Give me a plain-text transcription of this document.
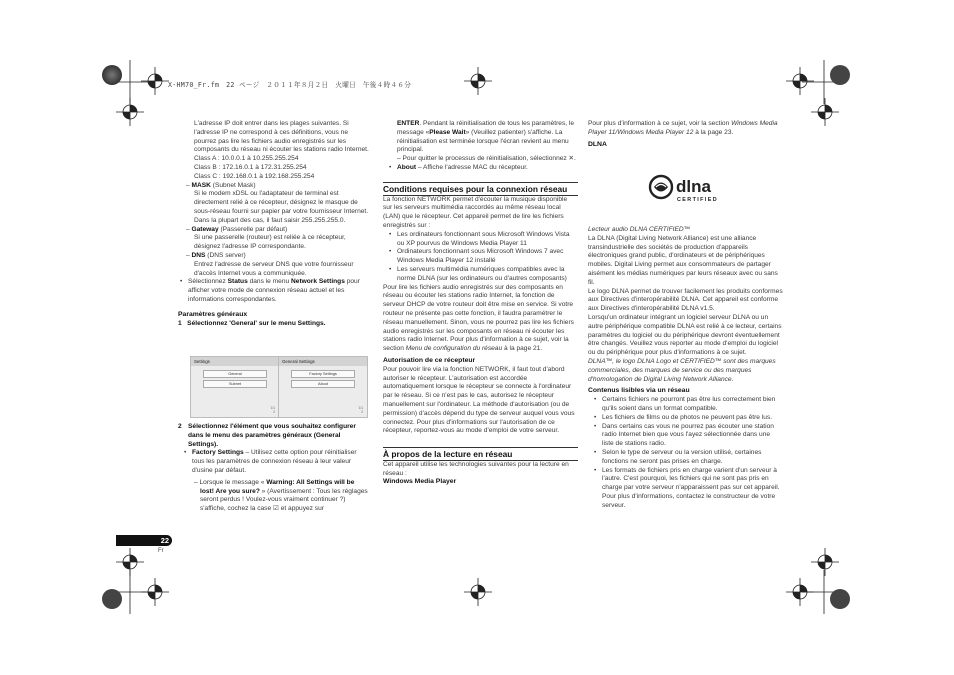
X-HM70_Fr.fm　22 ページ　２０１１年８月２日　火曜日　午後４時４６分

L'adresse IP doit entrer dans les plages suivantes. Si l'adresse IP ne correspond à ces définitions, vous ne pourrez pas lire les fichiers audio enregistrés sur les composants du réseau ni écouter les stations radio Internet.

Class A : 10.0.0.1 à 10.255.255.254

Class B : 172.16.0.1 à 172.31.255.254

Class C : 192.168.0.1 à 192.168.255.254

– MASK (Subnet Mask)

Si le modem xDSL ou l'adaptateur de terminal est directement relié à ce récepteur, désignez le masque de sous-réseau fourni sur papier par votre fournisseur Internet. Dans la plupart des cas, il faut saisir 255.255.255.0.

– Gateway (Passerelle par défaut)

Si une passerelle (routeur) est reliée à ce récepteur, désignez l'adresse IP correspondante.

– DNS (DNS server)

Entrez l'adresse de serveur DNS que votre fournisseur d'accès Internet vous a communiquée.

• Sélectionnez Status dans le menu Network Settings pour afficher votre mode de connexion réseau actuel et les informations correspondantes.

Paramètres généraux

1 Sélectionnez 'General' sur le menu Settings.

Settings
General
Subnet
1/1
2
General Settings
Factory Settings
About
1/1
2

2 Sélectionnez l'élément que vous souhaitez configurer dans le menu des paramètres généraux (General Settings).

• Factory Settings – Utilisez cette option pour réinitialiser tous les paramètres de connexion réseau à leur valeur d'usine par défaut.

– Lorsque le message « Warning: All Settings will be lost! Are you sure? » (Avertissement : Tous les réglages seront perdus ! Voulez-vous vraiment continuer ?) s'affiche, cochez la case ☑ et appuyez sur

ENTER. Pendant la réinitialisation de tous les paramètres, le message «Please Wait» (Veuillez patienter) s'affiche. La réinitialisation est terminée lorsque l'écran revient au menu principal.

– Pour quitter le processus de réinitialisation, sélectionnez ✕.

• About – Affiche l'adresse MAC du récepteur.

Conditions requises pour la connexion réseau

La fonction NETWORK permet d'écouter la musique disponible sur les serveurs multimédia raccordés au même réseau local (LAN) que le récepteur. Cet appareil permet de lire les fichiers enregistrés sur :

• Les ordinateurs fonctionnant sous Microsoft Windows Vista ou XP pourvus de Windows Media Player 11

• Ordinateurs fonctionnant sous Microsoft Windows 7 avec Windows Media Player 12 installé

• Les serveurs multimédia numériques compatibles avec la norme DLNA (sur les ordinateurs ou d'autres composants)

Pour lire les fichiers audio enregistrés sur des composants en réseau ou écouter les stations radio Internet, la fonction de serveur DHCP de votre routeur doit être mise en service. Si votre routeur ne présente pas cette fonction, il faudra paramétrer le réseau manuellement. Sinon, vous ne pourrez pas lire les fichiers audio enregistrés sur les composants en réseau ni écouter les stations radio Internet. Pour plus d'information à ce sujet, voir la section Menu de configuration du réseau à la page 21.

Autorisation de ce récepteur

Pour pouvoir lire via la fonction NETWORK, il faut tout d'abord autoriser le récepteur. L'autorisation est accordée automatiquement lorsque le récepteur se connecte à l'ordinateur par le réseau. Si ce n'est pas le cas, autorisez le récepteur manuellement sur l'ordinateur. La méthode d'autorisation (ou de permission) d'accès dépend du type de serveur auquel vous vous connectez. Pour plus d'informations sur l'autorisation de ce récepteur, reportez-vous au mode d'emploi de votre serveur.

À propos de la lecture en réseau

Cet appareil utilise les technologies suivantes pour la lecture en réseau :

Windows Media Player

Pour plus d'information à ce sujet, voir la section Windows Media Player 11/Windows Media Player 12 à la page 23.

DLNA

dlna
CERTIFIED

Lecteur audio DLNA CERTIFIED™

La DLNA (Digital Living Network Alliance) est une alliance transindustrielle des sociétés de production d'appareils électroniques grand public, d'ordinateurs et de périphériques mobiles. Digital Living permet aux consommateurs de partager aisément les médias numériques par leurs réseaux avec ou sans fil.

Le logo DLNA permet de trouver facilement les produits conformes aux Directives d'interopérabilité DLNA. Cet appareil est conforme aux Directives d'interopérabilité DLNA v1.5.

Lorsqu'un ordinateur intégrant un logiciel serveur DLNA ou un autre périphérique compatible DLNA est relié à ce lecteur, certains paramètres du logiciel ou du périphérique devront éventuellement être changés. Veuillez vous reporter au mode d'emploi du logiciel ou du périphérique pour plus d'informations à ce sujet.

DLNA™, le logo DLNA Logo et CERTIFIED™ sont des marques commerciales, des marques de service ou des marques d'homologation de Digital Living Network Alliance.

Contenus lisibles via un réseau

• Certains fichiers ne pourront pas être lus correctement bien qu'ils soient dans un format compatible.

• Les fichiers de films ou de photos ne peuvent pas être lus.

• Dans certains cas vous ne pourrez pas écouter une station radio Internet bien que vous l'ayez sélectionnée dans une liste de stations radio.

• Selon le type de serveur ou la version utilisé, certaines fonctions ne seront pas prises en charge.

• Les formats de fichiers pris en charge varient d'un serveur à l'autre. C'est pourquoi, les fichiers qui ne sont pas pris en charge par votre serveur n'apparaissent pas sur cet appareil. Pour plus d'informations, contactez le constructeur de votre serveur.

22
Fr
